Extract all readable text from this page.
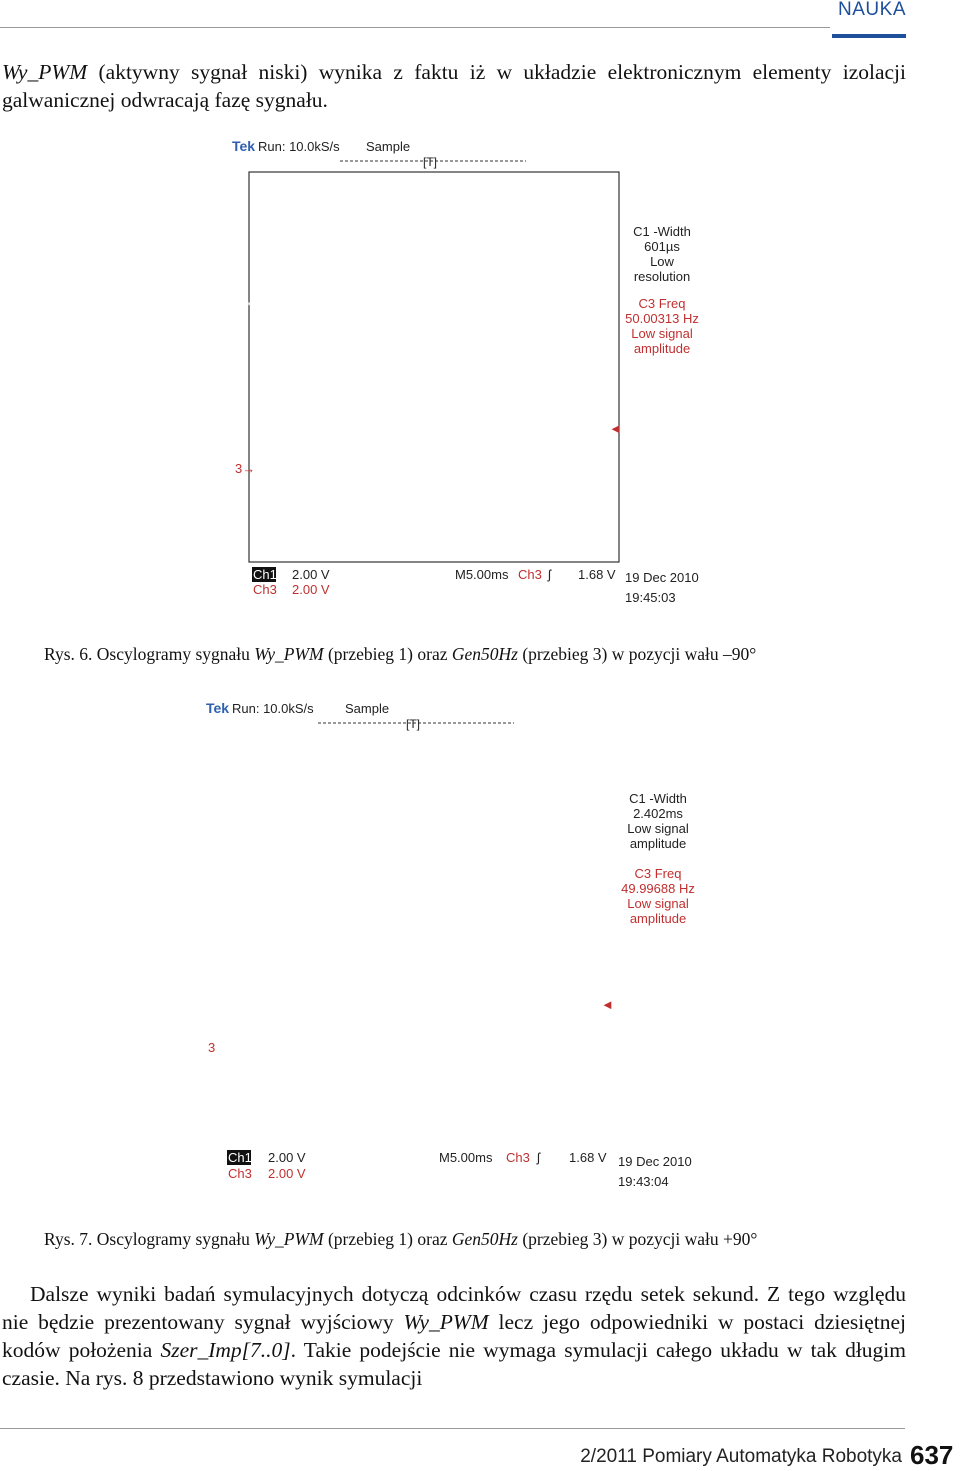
NAUKA
Wy_PWM (aktywny sygnał niski) wynika z faktu iż w układzie elektronicznym elementy izolacji galwanicznej odwracają fazę sygnału.
Tek Run: 10.0kS/s Sample
[T]
1→
3→
T
◄
C1 -Width
601µs
Low
resolution
C3 Freq
50.00313 Hz
Low signal
amplitude
Ch1 2.00 V
Ch3 2.00 V
M5.00ms Ch3 ʃ 1.68 V 19 Dec 2010
19:45:03
Rys. 6. Oscylogramy sygnału Wy_PWM (przebieg 1) oraz Gen50Hz (przebieg 3) w pozycji wału –90°
Tek Run: 10.0kS/s Sample
[T]
1→
3
T
◄
C1 -Width
2.402ms
Low signal
amplitude
C3 Freq
49.99688 Hz
Low signal
amplitude
Ch1 2.00 V
Ch3 2.00 V
M5.00ms Ch3 ʃ 1.68 V 19 Dec 2010
19:43:04
Rys. 7. Oscylogramy sygnału Wy_PWM (przebieg 1) oraz Gen50Hz (przebieg 3) w pozycji wału +90°
Dalsze wyniki badań symulacyjnych dotyczą odcinków czasu rzędu setek sekund. Z tego względu nie będzie prezentowany sygnał wyjściowy Wy_PWM lecz jego odpowiedniki w postaci dziesiętnej kodów położenia Szer_Imp[7..0]. Takie podejście nie wymaga symulacji całego układu w tak długim czasie. Na rys. 8 przedstawiono wynik symulacji
2/2011 Pomiary Automatyka Robotyka 637
